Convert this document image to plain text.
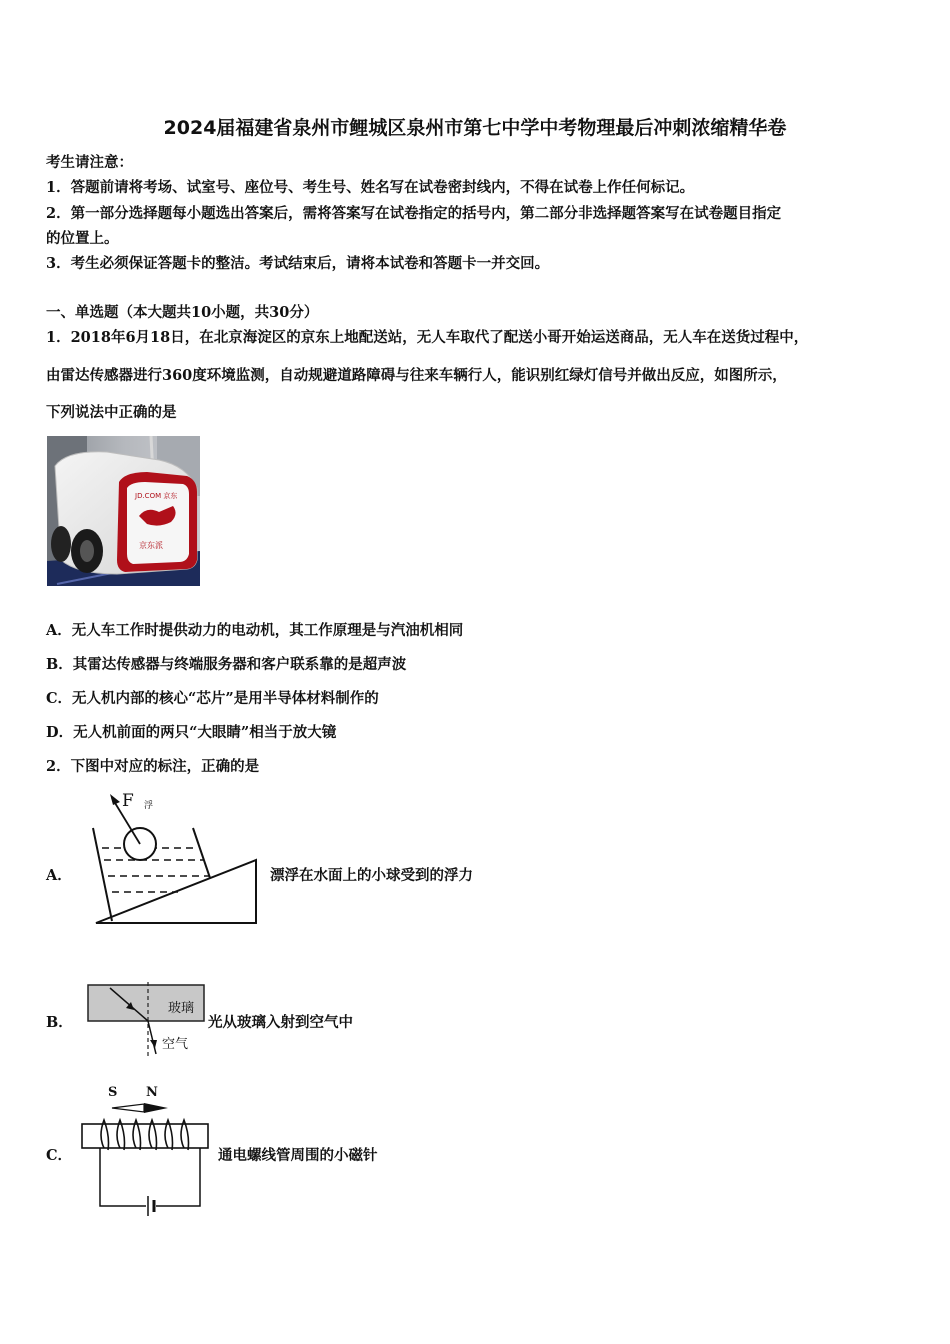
2024届福建省泉州市鲤城区泉州市第七中学中考物理最后冲刺浓缩精华卷
考生请注意：
1．答题前请将考场、试室号、座位号、考生号、姓名写在试卷密封线内，不得在试卷上作任何标记。
2．第一部分选择题每小题选出答案后，需将答案写在试卷指定的括号内，第二部分非选择题答案写在试卷题目指定
的位置上。
3．考生必须保证答题卡的整洁。考试结束后，请将本试卷和答题卡一并交回。
一、单选题（本大题共10小题，共30分）
1．2018年6月18日，在北京海淀区的京东上地配送站，无人车取代了配送小哥开始运送商品，无人车在送货过程中，
由雷达传感器进行360度环境监测，自动规避道路障碍与往来车辆行人，能识别红绿灯信号并做出反应，如图所示，
下列说法中正确的是
JD.COM 京东
京东派
A．无人车工作时提供动力的电动机，其工作原理是与汽油机相同
B．其雷达传感器与终端服务器和客户联系靠的是超声波
C．无人机内部的核心“芯片”是用半导体材料制作的
D．无人机前面的两只“大眼睛”相当于放大镜
2．下图中对应的标注，正确的是
A．
F 浮
漂浮在水面上的小球受到的浮力
B．
玻璃
空气
光从玻璃入射到空气中
C．
S N
通电螺线管周围的小磁针
